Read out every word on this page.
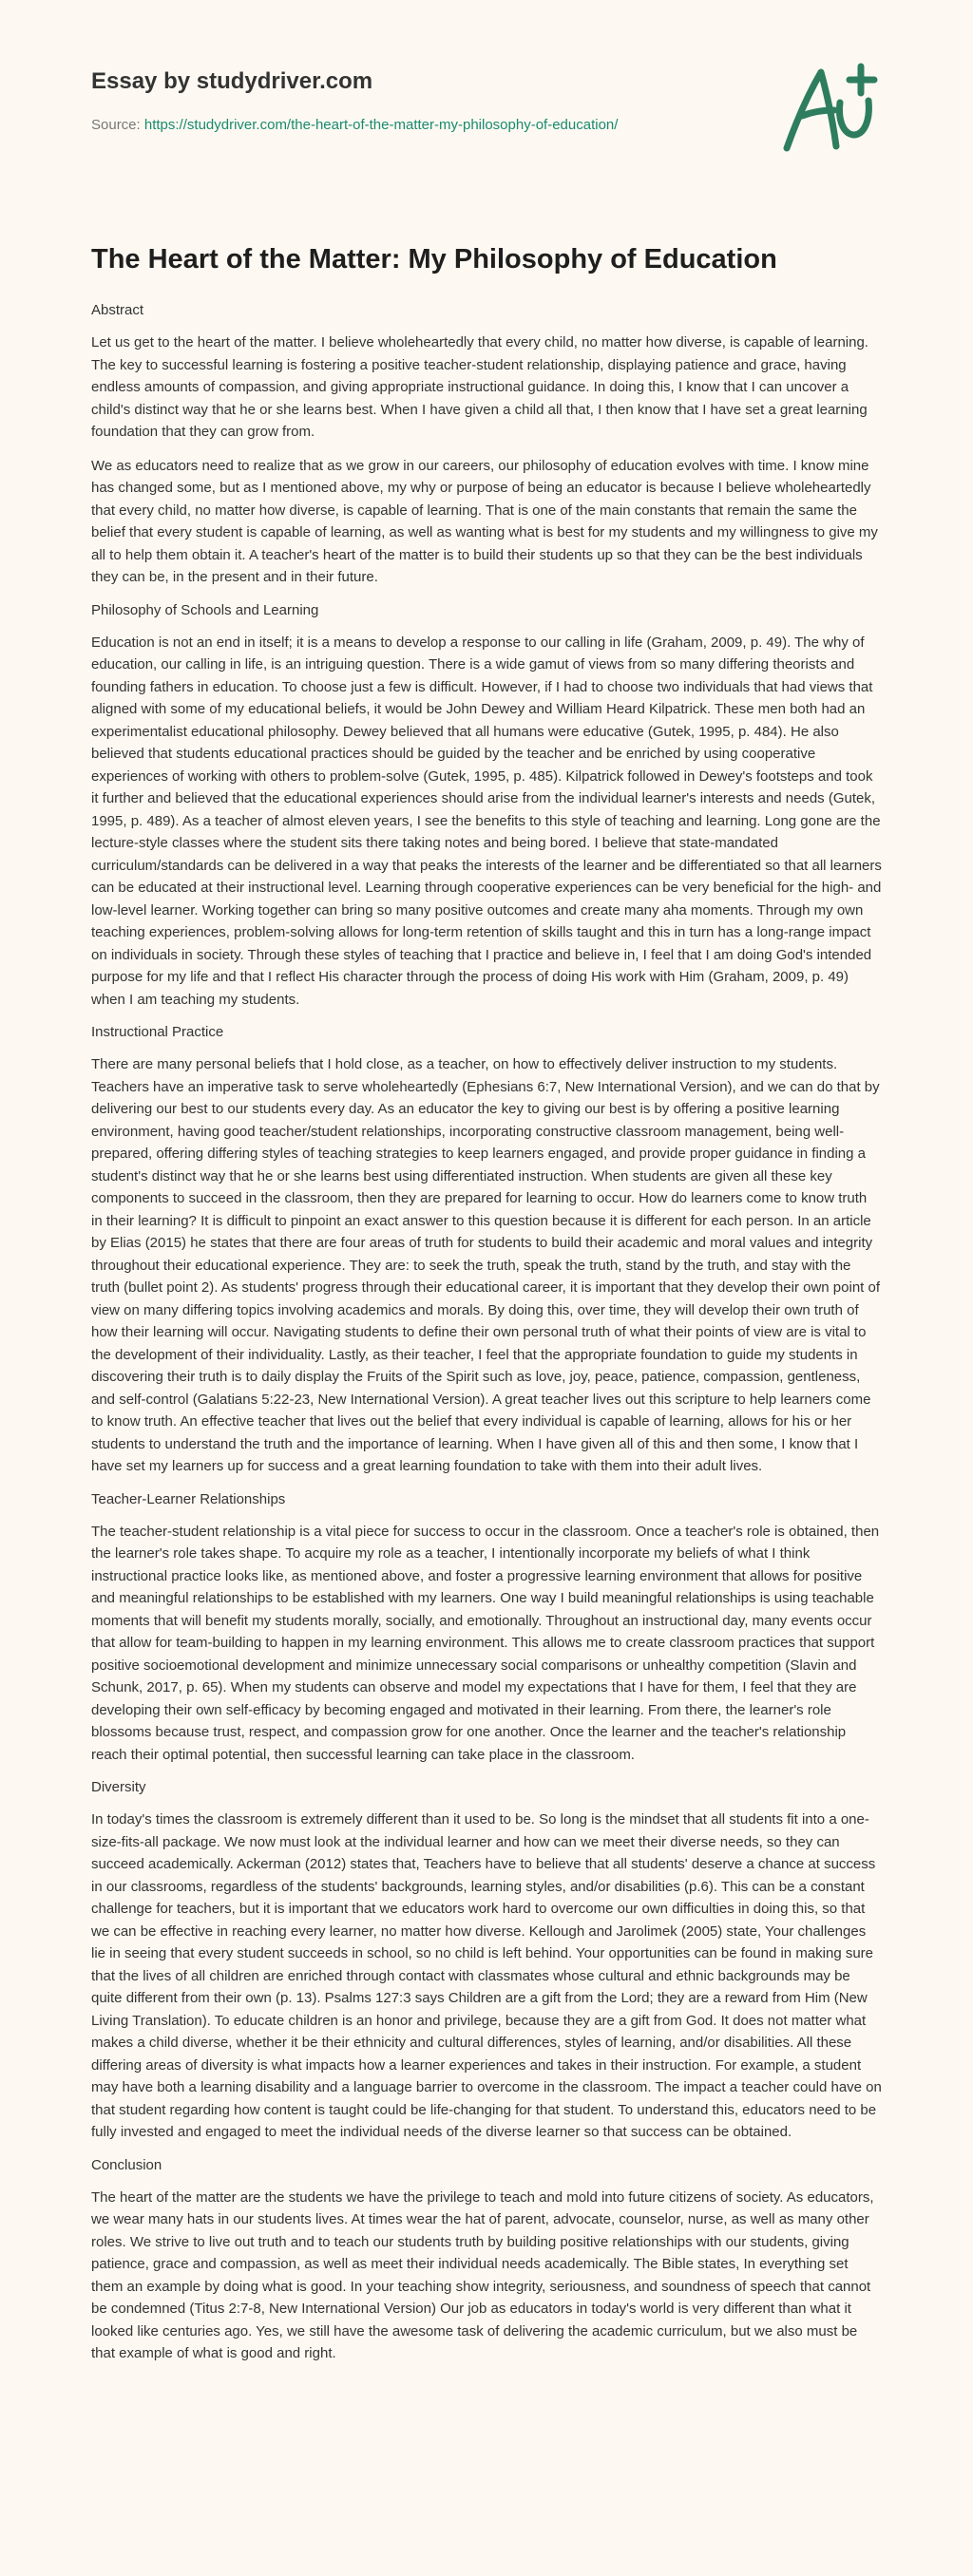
Essay by studydriver.com
Source: https://studydriver.com/the-heart-of-the-matter-my-philosophy-of-education/
The Heart of the Matter: My Philosophy of Education
Abstract

Let us get to the heart of the matter. I believe wholeheartedly that every child, no matter how diverse, is capable of learning. The key to successful learning is fostering a positive teacher-student relationship, displaying patience and grace, having endless amounts of compassion, and giving appropriate instructional guidance. In doing this, I know that I can uncover a child's distinct way that he or she learns best. When I have given a child all that, I then know that I have set a great learning foundation that they can grow from.

We as educators need to realize that as we grow in our careers, our philosophy of education evolves with time. I know mine has changed some, but as I mentioned above, my why or purpose of being an educator is because I believe wholeheartedly that every child, no matter how diverse, is capable of learning. That is one of the main constants that remain the same the belief that every student is capable of learning, as well as wanting what is best for my students and my willingness to give my all to help them obtain it. A teacher's heart of the matter is to build their students up so that they can be the best individuals they can be, in the present and in their future.

Philosophy of Schools and Learning

Education is not an end in itself; it is a means to develop a response to our calling in life (Graham, 2009, p. 49). The why of education, our calling in life, is an intriguing question. There is a wide gamut of views from so many differing theorists and founding fathers in education. To choose just a few is difficult. However, if I had to choose two individuals that had views that aligned with some of my educational beliefs, it would be John Dewey and William Heard Kilpatrick. These men both had an experimentalist educational philosophy. Dewey believed that all humans were educative (Gutek, 1995, p. 484). He also believed that students educational practices should be guided by the teacher and be enriched by using cooperative experiences of working with others to problem-solve (Gutek, 1995, p. 485). Kilpatrick followed in Dewey's footsteps and took it further and believed that the educational experiences should arise from the individual learner's interests and needs (Gutek, 1995, p. 489). As a teacher of almost eleven years, I see the benefits to this style of teaching and learning. Long gone are the lecture-style classes where the student sits there taking notes and being bored. I believe that state-mandated curriculum/standards can be delivered in a way that peaks the interests of the learner and be differentiated so that all learners can be educated at their instructional level. Learning through cooperative experiences can be very beneficial for the high- and low-level learner. Working together can bring so many positive outcomes and create many aha moments. Through my own teaching experiences, problem-solving allows for long-term retention of skills taught and this in turn has a long-range impact on individuals in society. Through these styles of teaching that I practice and believe in, I feel that I am doing God's intended purpose for my life and that I reflect His character through the process of doing His work with Him (Graham, 2009, p. 49) when I am teaching my students.

Instructional Practice

There are many personal beliefs that I hold close, as a teacher, on how to effectively deliver instruction to my students. Teachers have an imperative task to serve wholeheartedly (Ephesians 6:7, New International Version), and we can do that by delivering our best to our students every day. As an educator the key to giving our best is by offering a positive learning environment, having good teacher/student relationships, incorporating constructive classroom management, being well-prepared, offering differing styles of teaching strategies to keep learners engaged, and provide proper guidance in finding a student's distinct way that he or she learns best using differentiated instruction. When students are given all these key components to succeed in the classroom, then they are prepared for learning to occur. How do learners come to know truth in their learning? It is difficult to pinpoint an exact answer to this question because it is different for each person. In an article by Elias (2015) he states that there are four areas of truth for students to build their academic and moral values and integrity throughout their educational experience. They are: to seek the truth, speak the truth, stand by the truth, and stay with the truth (bullet point 2). As students' progress through their educational career, it is important that they develop their own point of view on many differing topics involving academics and morals. By doing this, over time, they will develop their own truth of how their learning will occur. Navigating students to define their own personal truth of what their points of view are is vital to the development of their individuality. Lastly, as their teacher, I feel that the appropriate foundation to guide my students in discovering their truth is to daily display the Fruits of the Spirit such as love, joy, peace, patience, compassion, gentleness, and self-control (Galatians 5:22-23, New International Version). A great teacher lives out this scripture to help learners come to know truth. An effective teacher that lives out the belief that every individual is capable of learning, allows for his or her students to understand the truth and the importance of learning. When I have given all of this and then some, I know that I have set my learners up for success and a great learning foundation to take with them into their adult lives.

Teacher-Learner Relationships

The teacher-student relationship is a vital piece for success to occur in the classroom. Once a teacher's role is obtained, then the learner's role takes shape. To acquire my role as a teacher, I intentionally incorporate my beliefs of what I think instructional practice looks like, as mentioned above, and foster a progressive learning environment that allows for positive and meaningful relationships to be established with my learners. One way I build meaningful relationships is using teachable moments that will benefit my students morally, socially, and emotionally. Throughout an instructional day, many events occur that allow for team-building to happen in my learning environment. This allows me to create classroom practices that support positive socioemotional development and minimize unnecessary social comparisons or unhealthy competition (Slavin and Schunk, 2017, p. 65). When my students can observe and model my expectations that I have for them, I feel that they are developing their own self-efficacy by becoming engaged and motivated in their learning. From there, the learner's role blossoms because trust, respect, and compassion grow for one another. Once the learner and the teacher's relationship reach their optimal potential, then successful learning can take place in the classroom.

Diversity

In today's times the classroom is extremely different than it used to be. So long is the mindset that all students fit into a one-size-fits-all package. We now must look at the individual learner and how can we meet their diverse needs, so they can succeed academically. Ackerman (2012) states that, Teachers have to believe that all students' deserve a chance at success in our classrooms, regardless of the students' backgrounds, learning styles, and/or disabilities (p.6). This can be a constant challenge for teachers, but it is important that we educators work hard to overcome our own difficulties in doing this, so that we can be effective in reaching every learner, no matter how diverse. Kellough and Jarolimek (2005) state, Your challenges lie in seeing that every student succeeds in school, so no child is left behind. Your opportunities can be found in making sure that the lives of all children are enriched through contact with classmates whose cultural and ethnic backgrounds may be quite different from their own (p. 13). Psalms 127:3 says Children are a gift from the Lord; they are a reward from Him (New Living Translation). To educate children is an honor and privilege, because they are a gift from God. It does not matter what makes a child diverse, whether it be their ethnicity and cultural differences, styles of learning, and/or disabilities. All these differing areas of diversity is what impacts how a learner experiences and takes in their instruction. For example, a student may have both a learning disability and a language barrier to overcome in the classroom. The impact a teacher could have on that student regarding how content is taught could be life-changing for that student. To understand this, educators need to be fully invested and engaged to meet the individual needs of the diverse learner so that success can be obtained.

Conclusion

The heart of the matter are the students we have the privilege to teach and mold into future citizens of society. As educators, we wear many hats in our students lives. At times wear the hat of parent, advocate, counselor, nurse, as well as many other roles. We strive to live out truth and to teach our students truth by building positive relationships with our students, giving patience, grace and compassion, as well as meet their individual needs academically. The Bible states, In everything set them an example by doing what is good. In your teaching show integrity, seriousness, and soundness of speech that cannot be condemned (Titus 2:7-8, New International Version) Our job as educators in today's world is very different than what it looked like centuries ago. Yes, we still have the awesome task of delivering the academic curriculum, but we also must be that example of what is good and right.
